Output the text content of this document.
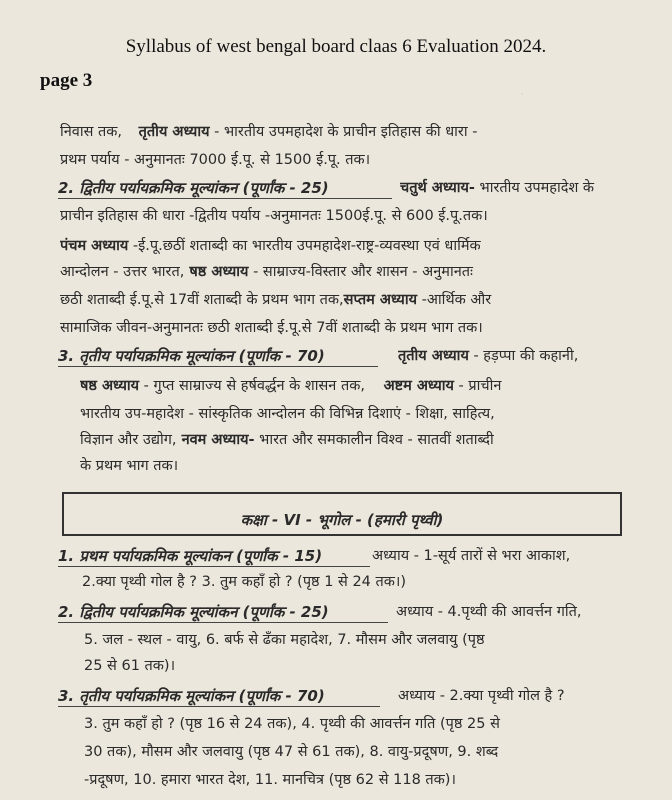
·
Syllabus of west bengal board claas 6 Evaluation 2024.
page 3
निवास तक, तृतीय अध्याय - भारतीय उपमहादेश के प्राचीन इतिहास की धारा -
प्रथम पर्याय - अनुमानतः 7000 ई.पू. से 1500 ई.पू. तक।
2. द्वितीय पर्यायक्रमिक मूल्यांकन (पूर्णांक - 25)	चतुर्थ अध्याय- भारतीय उपमहादेश के
प्राचीन इतिहास की धारा -द्वितीय पर्याय -अनुमानतः 1500ई.पू. से 600 ई.पू.तक।
पंचम अध्याय -ई.पू.छठीं शताब्दी का भारतीय उपमहादेश-राष्ट्र-व्यवस्था एवं धार्मिक
आन्दोलन - उत्तर भारत, षष्ठ अध्याय - साम्राज्य-विस्तार और शासन - अनुमानतः
छठी शताब्दी ई.पू.से 17वीं शताब्दी के प्रथम भाग तक,सप्तम अध्याय -आर्थिक और
सामाजिक जीवन-अनुमानतः छठी शताब्दी ई.पू.से 7वीं शताब्दी के प्रथम भाग तक।
3. तृतीय पर्यायक्रमिक मूल्यांकन (पूर्णांक - 70)	तृतीय अध्याय - हड़प्पा की कहानी,
षष्ठ अध्याय - गुप्त साम्राज्य से हर्षवर्द्धन के शासन तक, अष्टम अध्याय - प्राचीन
भारतीय उप-महादेश - सांस्कृतिक आन्दोलन की विभिन्न दिशाएं - शिक्षा, साहित्य,
विज्ञान और उद्योग, नवम अध्याय- भारत और समकालीन विश्व - सातवीं शताब्दी
के प्रथम भाग तक।
कक्षा - VI - भूगोल - (हमारी पृथ्वी)
1. प्रथम पर्यायक्रमिक मूल्यांकन (पूर्णांक - 15)	अध्याय - 1-सूर्य तारों से भरा आकाश,
2.क्या पृथ्वी गोल है ? 3. तुम कहाँ हो ? (पृष्ठ 1 से 24 तक।)
2. द्वितीय पर्यायक्रमिक मूल्यांकन (पूर्णांक - 25)	अध्याय - 4.पृथ्वी की आवर्त्तन गति,
5. जल - स्थल - वायु, 6. बर्फ से ढँका महादेश, 7. मौसम और जलवायु (पृष्ठ
25 से 61 तक)।
3. तृतीय पर्यायक्रमिक मूल्यांकन (पूर्णांक - 70)	अध्याय - 2.क्या पृथ्वी गोल है ?
3. तुम कहाँ हो ? (पृष्ठ 16 से 24 तक), 4. पृथ्वी की आवर्त्तन गति (पृष्ठ 25 से
30 तक), मौसम और जलवायु (पृष्ठ 47 से 61 तक), 8. वायु-प्रदूषण, 9. शब्द
-प्रदूषण, 10. हमारा भारत देश, 11. मानचित्र (पृष्ठ 62 से 118 तक)।
